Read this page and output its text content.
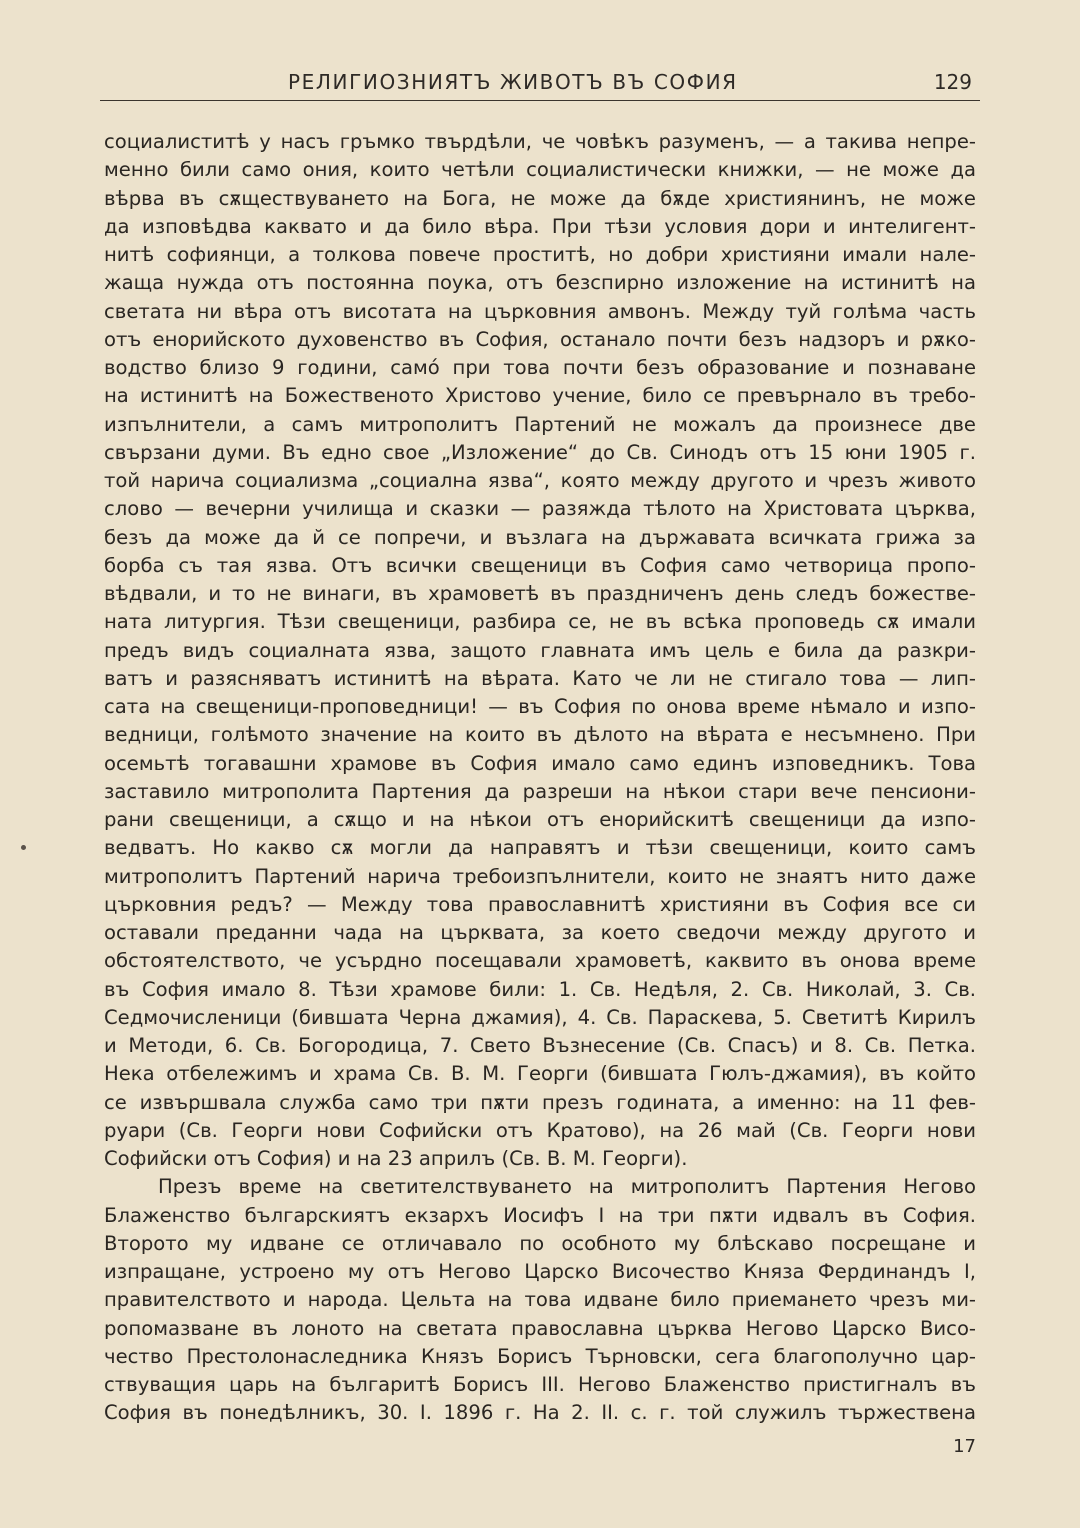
РЕЛИГИОЗНИЯТЪ ЖИВОТЪ ВЪ СОФИЯ	129
социалиститѣ у насъ гръмко твърдѣли, че човѣкъ разуменъ, — а такива непре-
менно били само ония, които четѣли социалистически книжки, — не може да
вѣрва въ сѫществуването на Бога, не може да бѫде християнинъ, не може
да изповѣдва каквато и да било вѣра. При тѣзи условия дори и интелигент-
нитѣ софиянци, а толкова повече проститѣ, но добри християни имали нале-
жаща нужда отъ постоянна поука, отъ безспирно изложение на истинитѣ на
светата ни вѣра отъ висотата на църковния амвонъ. Между туй голѣма часть
отъ енорийското духовенство въ София, останало почти безъ надзоръ и рѫко-
водство близо 9 години, самó при това почти безъ образование и познаване
на истинитѣ на Божественото Христово учение, било се превърнало въ требо-
изпълнители, а самъ митрополитъ Партений не можалъ да произнесе две
свързани думи. Въ едно свое „Изложение“ до Св. Синодъ отъ 15 юни 1905 г.
той нарича социализма „социална язва“, която между другото и чрезъ живото
слово — вечерни училища и сказки — разяжда тѣлото на Христовата църква,
безъ да може да й се попречи, и възлага на държавата всичката грижа за
борба съ тая язва. Отъ всички свещеници въ София само четворица пропо-
вѣдвали, и то не винаги, въ храмоветѣ въ праздниченъ день следъ божестве-
ната литургия. Тѣзи свещеници, разбира се, не въ всѣка проповедь сѫ имали
предъ видъ социалната язва, защото главната имъ цель е била да разкри-
ватъ и разясняватъ истинитѣ на вѣрата. Като че ли не стигало това — лип-
сата на свещеници-проповедници! — въ София по онова време нѣмало и изпо-
ведници, голѣмото значение на които въ дѣлото на вѣрата е несъмнено. При
осемьтѣ тогавашни храмове въ София имало само единъ изповедникъ. Това
заставило митрополита Партения да разреши на нѣкои стари вече пенсиони-
рани свещеници, а сѫщо и на нѣкои отъ енорийскитѣ свещеници да изпо-
ведватъ. Но какво сѫ могли да направятъ и тѣзи свещеници, които самъ
митрополитъ Партений нарича требоизпълнители, които не знаятъ нито даже
църковния редъ? — Между това православнитѣ християни въ София все си
оставали преданни чада на църквата, за което сведочи между другото и
обстоятелството, че усърдно посещавали храмоветѣ, каквито въ онова време
въ София имало 8. Тѣзи храмове били: 1. Св. Недѣля, 2. Св. Николай, 3. Св.
Седмочисленици (бившата Черна джамия), 4. Св. Параскева, 5. Светитѣ Кирилъ
и Методи, 6. Св. Богородица, 7. Свето Възнесение (Св. Спасъ) и 8. Св. Петка.
Нека отбележимъ и храма Св. В. М. Георги (бившата Гюлъ-джамия), въ който
се извършвала служба само три пѫти презъ годината, а именно: на 11 фев-
руари (Св. Георги нови Софийски отъ Кратово), на 26 май (Св. Георги нови
Софийски отъ София) и на 23 априлъ (Св. В. М. Георги).
Презъ време на светителствуването на митрополитъ Партения Негово
Блаженство българскиятъ екзархъ Иосифъ I на три пѫти идвалъ въ София.
Второто му идване се отличавало по особното му блѣскаво посрещане и
изпращане, устроено му отъ Негово Царско Височество Княза Фердинандъ I,
правителството и народа. Цельта на това идване било приемането чрезъ ми-
ропомазване въ лоното на светата православна църква Негово Царско Висо-
чество Престолонаследника Князъ Борисъ Търновски, сега благополучно цар-
ствуващия царь на българитѣ Борисъ III. Негово Блаженство пристигналъ въ
София въ понедѣлникъ, 30. I. 1896 г. На 2. II. с. г. той служилъ тържествена
17
